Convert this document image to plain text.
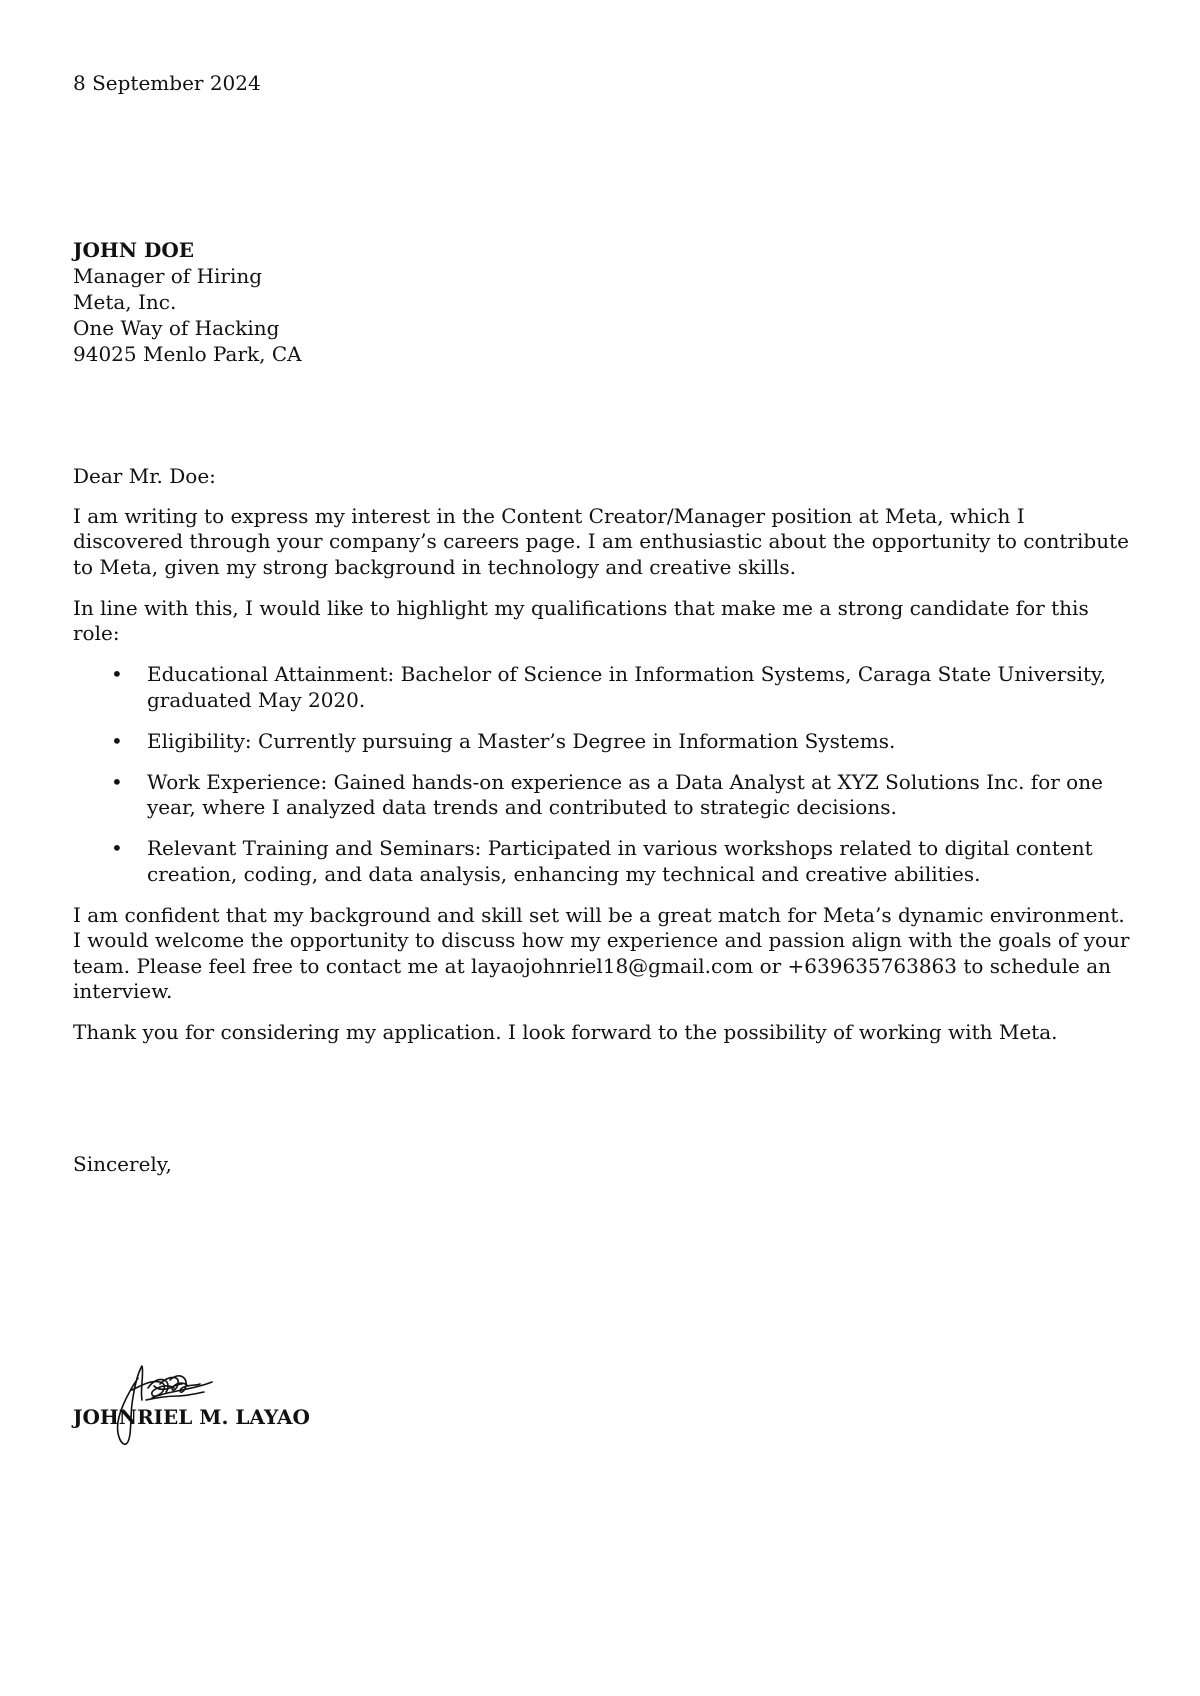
8 September 2024

JOHN DOE
Manager of Hiring
Meta, Inc.
One Way of Hacking
94025 Menlo Park, CA

Dear Mr. Doe:

I am writing to express my interest in the Content Creator/Manager position at Meta, which I discovered through your company’s careers page. I am enthusiastic about the opportunity to contribute to Meta, given my strong background in technology and creative skills.

In line with this, I would like to highlight my qualifications that make me a strong candidate for this role:

• Educational Attainment: Bachelor of Science in Information Systems, Caraga State University, graduated May 2020.
• Eligibility: Currently pursuing a Master’s Degree in Information Systems.
• Work Experience: Gained hands-on experience as a Data Analyst at XYZ Solutions Inc. for one year, where I analyzed data trends and contributed to strategic decisions.
• Relevant Training and Seminars: Participated in various workshops related to digital content creation, coding, and data analysis, enhancing my technical and creative abilities.

I am confident that my background and skill set will be a great match for Meta’s dynamic environment. I would welcome the opportunity to discuss how my experience and passion align with the goals of your team. Please feel free to contact me at layaojohnriel18@gmail.com or +639635763863 to schedule an interview.

Thank you for considering my application. I look forward to the possibility of working with Meta.

Sincerely,

JOHNRIEL M. LAYAO
